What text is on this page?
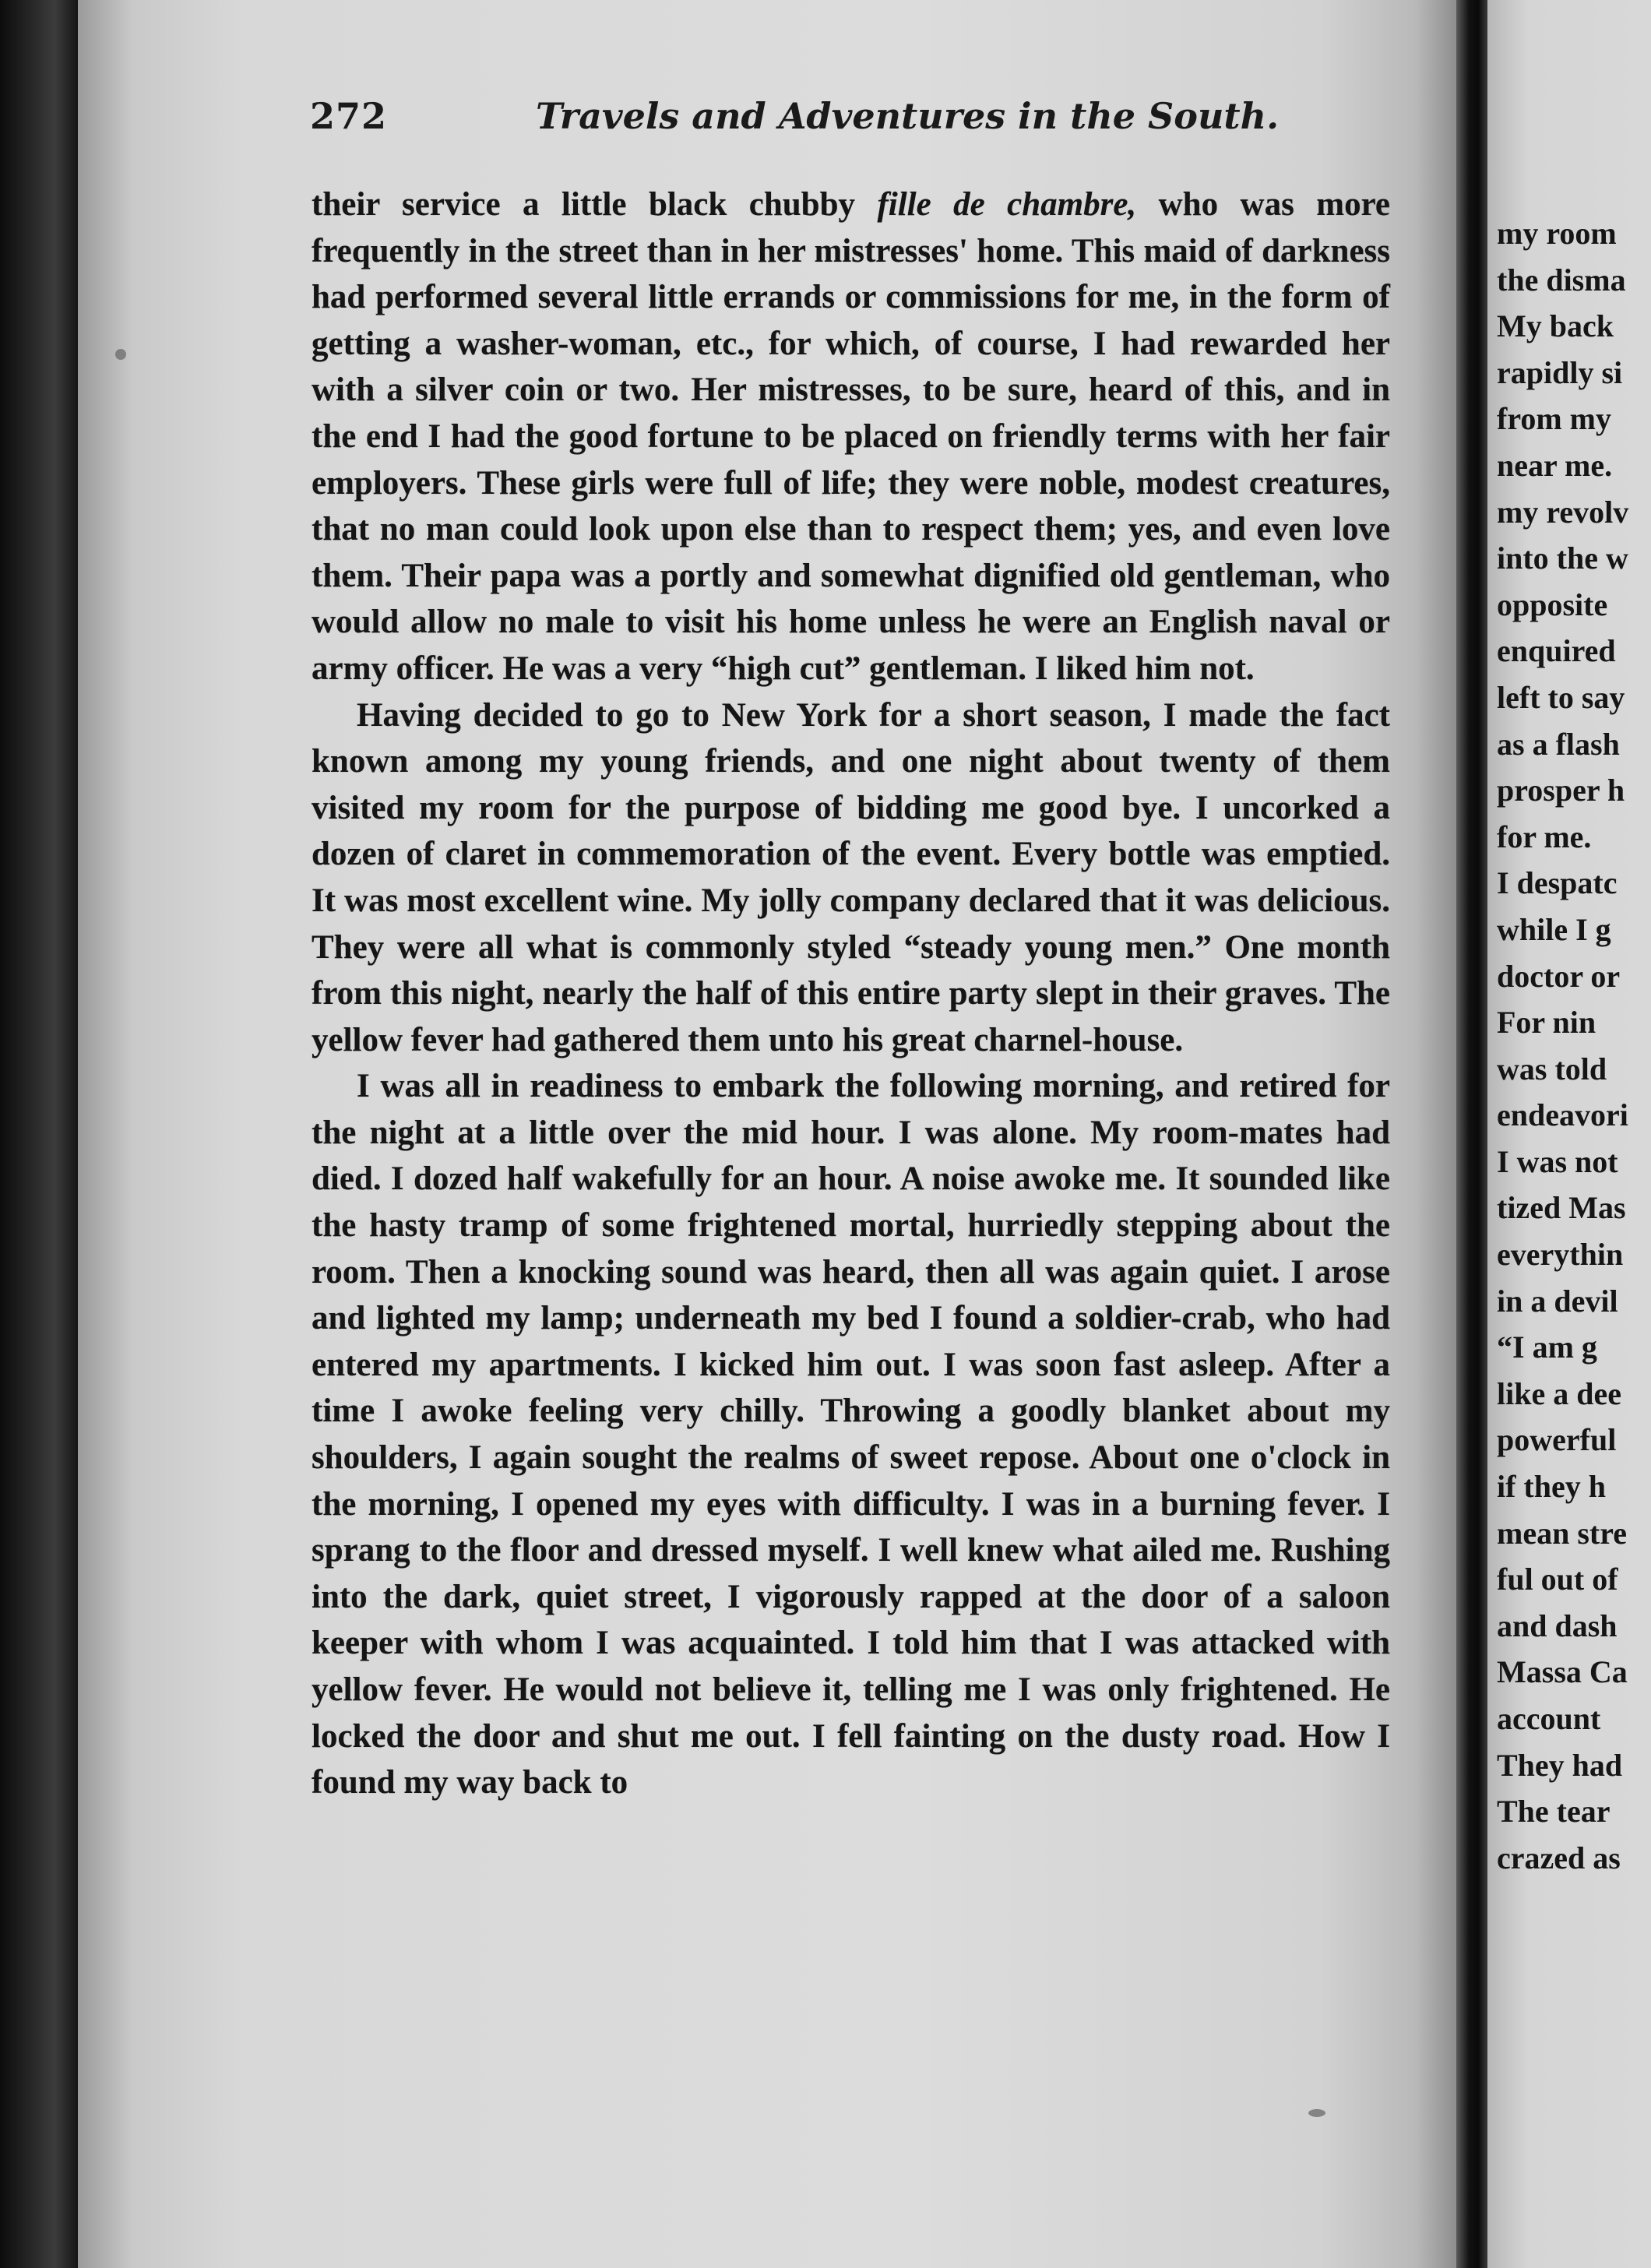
272	Travels and Adventures in the South.

their service a little black chubby fille de chambre, who was more frequently in the street than in her mistresses' home. This maid of darkness had performed several little errands or commissions for me, in the form of getting a washer-woman, etc., for which, of course, I had rewarded her with a silver coin or two. Her mistresses, to be sure, heard of this, and in the end I had the good fortune to be placed on friendly terms with her fair employers. These girls were full of life; they were noble, modest creatures, that no man could look upon else than to respect them; yes, and even love them. Their papa was a portly and somewhat dignified old gentleman, who would allow no male to visit his home unless he were an English naval or army officer. He was a very “high cut” gentleman. I liked him not.

Having decided to go to New York for a short season, I made the fact known among my young friends, and one night about twenty of them visited my room for the purpose of bidding me good bye. I uncorked a dozen of claret in commemoration of the event. Every bottle was emptied. It was most excellent wine. My jolly company declared that it was delicious. They were all what is commonly styled “steady young men.” One month from this night, nearly the half of this entire party slept in their graves. The yellow fever had gathered them unto his great charnel-house.

I was all in readiness to embark the following morning, and retired for the night at a little over the mid hour. I was alone. My room-mates had died. I dozed half wakefully for an hour. A noise awoke me. It sounded like the hasty tramp of some frightened mortal, hurriedly stepping about the room. Then a knocking sound was heard, then all was again quiet. I arose and lighted my lamp; underneath my bed I found a soldier-crab, who had entered my apartments. I kicked him out. I was soon fast asleep. After a time I awoke feeling very chilly. Throwing a goodly blanket about my shoulders, I again sought the realms of sweet repose. About one o'clock in the morning, I opened my eyes with difficulty. I was in a burning fever. I sprang to the floor and dressed myself. I well knew what ailed me. Rushing into the dark, quiet street, I vigorously rapped at the door of a saloon keeper with whom I was acquainted. I told him that I was attacked with yellow fever. He would not believe it, telling me I was only frightened. He locked the door and shut me out. I fell fainting on the dusty road. How I found my way back to

my room
the disma
My back
rapidly si
from my
near me.
my revolv
into the w
opposite
enquired
left to say
as a flash
prosper h
for me.
I despatc
while I g
doctor or
For nin
was told
endeavori
I was not
tized Mas
everythin
in a devil
“I am g
like a dee
powerful
if they h
mean stre
ful out of
and dash
Massa Ca
account
They had
The tear
crazed as
